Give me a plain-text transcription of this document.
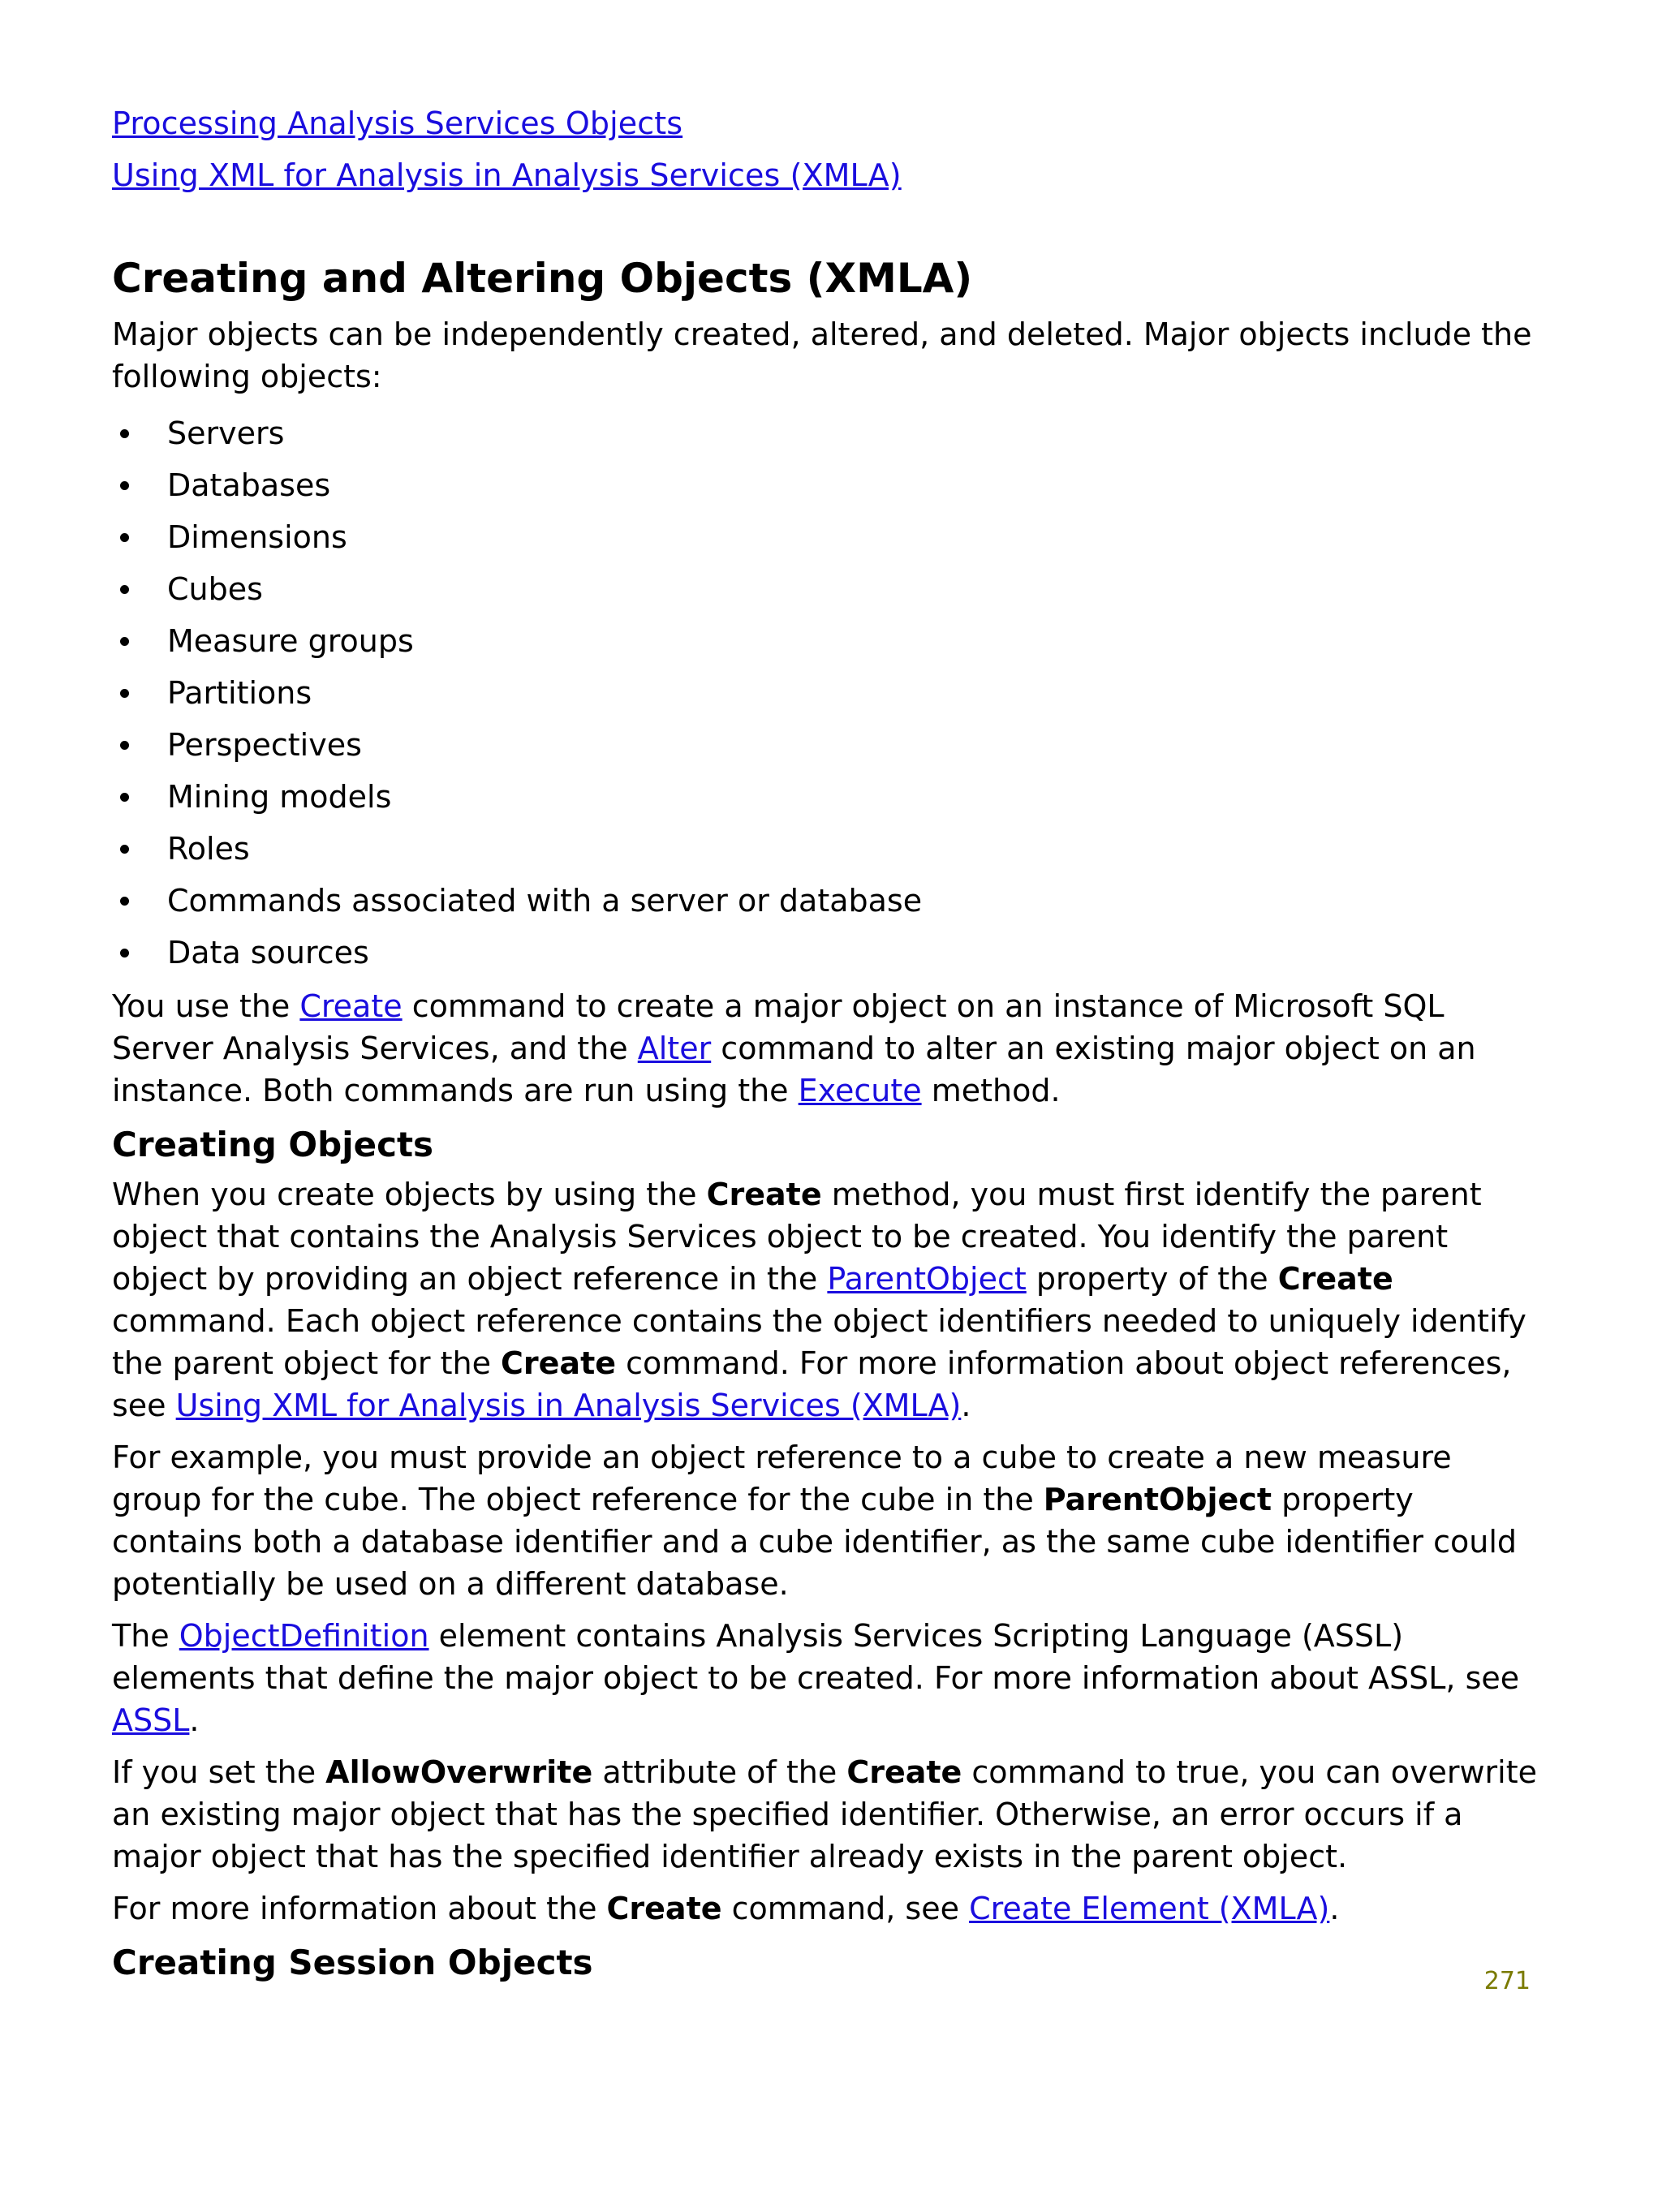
Processing Analysis Services Objects
Using XML for Analysis in Analysis Services (XMLA)
Creating and Altering Objects (XMLA)

Major objects can be independently created, altered, and deleted. Major objects include the following objects:

Servers
Databases
Dimensions
Cubes
Measure groups
Partitions
Perspectives
Mining models
Roles
Commands associated with a server or database
Data sources

You use the Create command to create a major object on an instance of Microsoft SQL Server Analysis Services, and the Alter command to alter an existing major object on an instance. Both commands are run using the Execute method.

Creating Objects

When you create objects by using the Create method, you must first identify the parent object that contains the Analysis Services object to be created. You identify the parent object by providing an object reference in the ParentObject property of the Create command. Each object reference contains the object identifiers needed to uniquely identify the parent object for the Create command. For more information about object references, see Using XML for Analysis in Analysis Services (XMLA).

For example, you must provide an object reference to a cube to create a new measure group for the cube. The object reference for the cube in the ParentObject property contains both a database identifier and a cube identifier, as the same cube identifier could potentially be used on a different database.

The ObjectDefinition element contains Analysis Services Scripting Language (ASSL) elements that define the major object to be created. For more information about ASSL, see ASSL.

If you set the AllowOverwrite attribute of the Create command to true, you can overwrite an existing major object that has the specified identifier. Otherwise, an error occurs if a major object that has the specified identifier already exists in the parent object.

For more information about the Create command, see Create Element (XMLA).

Creating Session Objects	271
